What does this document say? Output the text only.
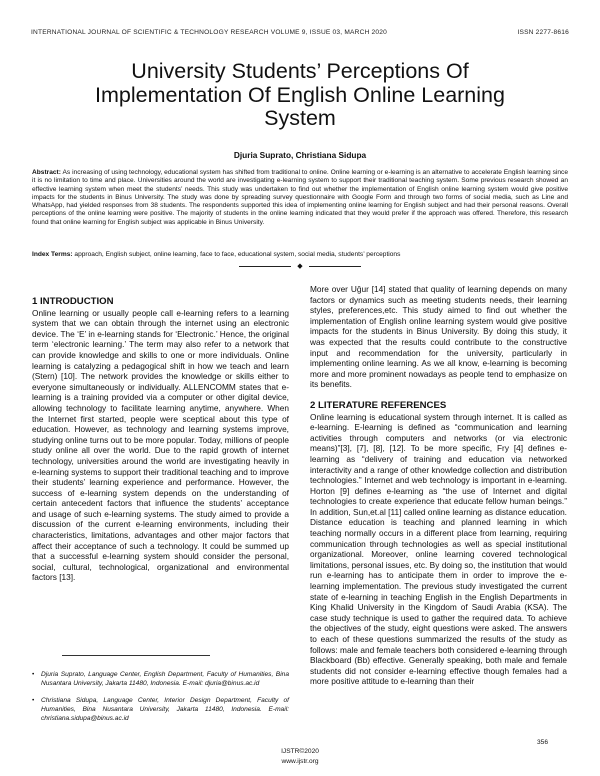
INTERNATIONAL JOURNAL OF SCIENTIFIC & TECHNOLOGY RESEARCH VOLUME 9, ISSUE 03, MARCH 2020	ISSN 2277-8616
University Students’ Perceptions Of Implementation Of English Online Learning System
Djuria Suprato, Christiana Sidupa
Abstract: As increasing of using technology, educational system has shifted from traditional to online. Online learning or e-learning is an alternative to accelerate English learning since it is no limitation to time and place. Universities around the world are investigating e-learning system to support their traditional teaching system. Some previous research showed an effective learning system when meet the students’ needs. This study was undertaken to find out whether the implementation of English online learning system would give positive impacts for the students in Binus University. The study was done by spreading survey questionnaire with Google Form and through two forms of social media, such as Line and WhatsApp, had yielded responses from 38 students. The respondents supported this idea of implementing online learning for English subject and had their personal reasons. Overall perceptions of the online learning were positive. The majority of students in the online learning indicated that they would prefer if the approach was offered. Therefore, this research found that online learning for English subject was applicable in Binus University.
Index Terms: approach, English subject, online learning, face to face, educational system, social media, students’ perceptions
◆

1 INTRODUCTION

Online learning or usually people call e-learning refers to a learning system that we can obtain through the internet using an electronic device. The ‘E’ in e-learning stands for ‘Electronic.’ Hence, the original term ‘electronic learning.’ The term may also refer to a network that can provide knowledge and skills to one or more individuals. Online learning is catalyzing a pedagogical shift in how we teach and learn (Stern) [10]. The network provides the knowledge or skills either to everyone simultaneously or individually. ALLENCOMM states that e-learning is a training provided via a computer or other digital device, allowing technology to facilitate learning anytime, anywhere. When the Internet first started, people were sceptical about this type of education. However, as technology and learning systems improve, studying online turns out to be more popular. Today, millions of people study online all over the world. Due to the rapid growth of internet technology, universities around the world are investigating heavily in e-learning systems to support their traditional teaching and to improve their students’ learning experience and performance. However, the success of e-learning system depends on the understanding of certain antecedent factors that influence the students’ acceptance and usage of such e-learning systems. The study aimed to provide a discussion of the current e-learning environments, including their characteristics, limitations, advantages and other major factors that affect their acceptance of such a technology. It could be summed up that a successful e-learning system should consider the personal, social, cultural, technological, organizational and environmental factors [13].

More over Uğur [14] stated that quality of learning depends on many factors or dynamics such as meeting students needs, their learning styles, preferences,etc. This study aimed to find out whether the implementation of English online learning system would give positive impacts for the students in Binus University. By doing this study, it was expected that the results could contribute to the constructive input and recommendation for the university, particularly in implementing online learning. As we all know, e-learning is becoming more and more prominent nowadays as people tend to emphasize on its benefits.

2 LITERATURE REFERENCES

Online learning is educational system through internet. It is called as e-learning. E-learning is defined as “communication and learning activities through computers and networks (or via electronic means)”[3], [7], [8], [12]. To be more specific, Fry [4] defines e-learning as “delivery of training and education via networked interactivity and a range of other knowledge collection and distribution technologies.” Internet and web technology is important in e-learning. Horton [9] defines e-learning as “the use of Internet and digital technologies to create experience that educate fellow human beings.” In addition, Sun,et.al [11] called online learning as distance education. Distance education is teaching and planned learning in which teaching normally occurs in a different place from learning, requiring communication through technologies as well as special institutional organizational. Moreover, online learning covered technological limitations, personal issues, etc. By doing so, the institution that would run e-learning has to anticipate them in order to improve the e-learning implementation. The previous study investigated the current state of e-learning in teaching English in the English Departments in King Khalid University in the Kingdom of Saudi Arabia (KSA). The case study technique is used to gather the required data. To achieve the objectives of the study, eight questions were asked. The answers to each of these questions summarized the results of the study as follows: male and female teachers both considered e-learning through Blackboard (Bb) effective. Generally speaking, both male and female students did not consider e-learning effective though females had a more positive attitude to e-learning than their

• Djuria Suprato, Language Center, English Department, Faculty of Humanities, Bina Nusantara University, Jakarta 11480, Indonesia. E-mail: djuria@binus.ac.id
• Christiana Sidupa, Language Center, Interior Design Department, Faculty of Humanities, Bina Nusantara University, Jakarta 11480, Indonesia. E-mail: christiana.sidupa@binus.ac.id
356
IJSTR©2020
www.ijstr.org
